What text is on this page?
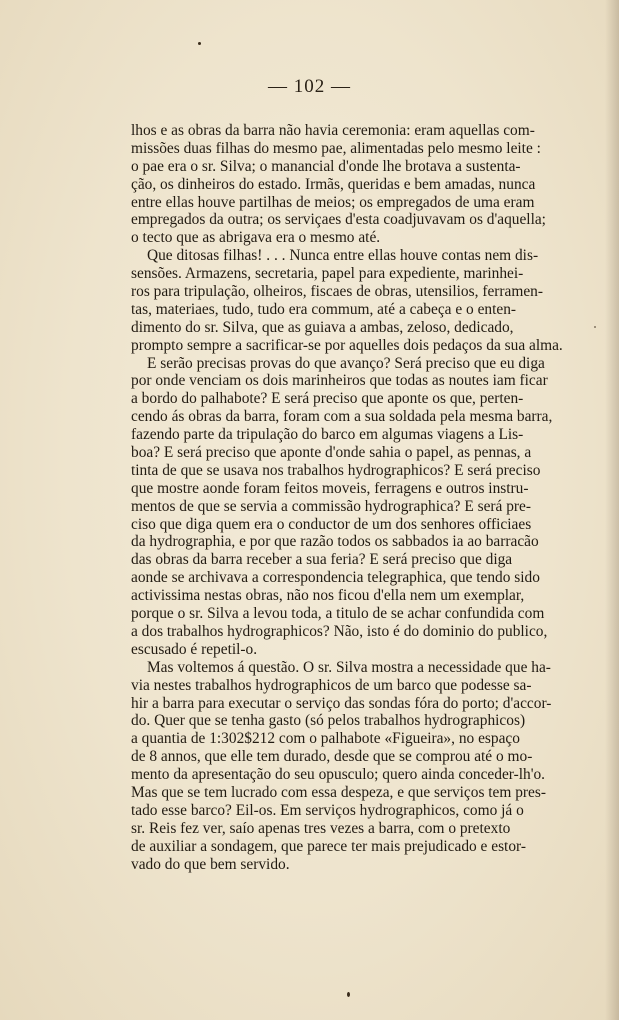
— 102 —
lhos e as obras da barra não havia ceremonia: eram aquellas com-
missões duas filhas do mesmo pae, alimentadas pelo mesmo leite :
o pae era o sr. Silva; o manancial d'onde lhe brotava a sustenta-
ção, os dinheiros do estado. Irmãs, queridas e bem amadas, nunca
entre ellas houve partilhas de meios; os empregados de uma eram
empregados da outra; os serviçaes d'esta coadjuvavam os d'aquella;
o tecto que as abrigava era o mesmo até.
Que ditosas filhas! . . . Nunca entre ellas houve contas nem dis-
sensões. Armazens, secretaria, papel para expediente, marinhei-
ros para tripulação, olheiros, fiscaes de obras, utensilios, ferramen-
tas, materiaes, tudo, tudo era commum, até a cabeça e o enten-
dimento do sr. Silva, que as guiava a ambas, zeloso, dedicado,
prompto sempre a sacrificar-se por aquelles dois pedaços da sua alma.
E serão precisas provas do que avanço? Será preciso que eu diga
por onde venciam os dois marinheiros que todas as noutes iam ficar
a bordo do palhabote? E será preciso que aponte os que, perten-
cendo ás obras da barra, foram com a sua soldada pela mesma barra,
fazendo parte da tripulação do barco em algumas viagens a Lis-
boa? E será preciso que aponte d'onde sahia o papel, as pennas, a
tinta de que se usava nos trabalhos hydrographicos? E será preciso
que mostre aonde foram feitos moveis, ferragens e outros instru-
mentos de que se servia a commissão hydrographica? E será pre-
ciso que diga quem era o conductor de um dos senhores officiaes
da hydrographia, e por que razão todos os sabbados ia ao barracão
das obras da barra receber a sua feria? E será preciso que diga
aonde se archivava a correspondencia telegraphica, que tendo sido
activissima nestas obras, não nos ficou d'ella nem um exemplar,
porque o sr. Silva a levou toda, a titulo de se achar confundida com
a dos trabalhos hydrographicos? Não, isto é do dominio do publico,
escusado é repetil-o.
Mas voltemos á questão. O sr. Silva mostra a necessidade que ha-
via nestes trabalhos hydrographicos de um barco que podesse sa-
hir a barra para executar o serviço das sondas fóra do porto; d'accor-
do. Quer que se tenha gasto (só pelos trabalhos hydrographicos)
a quantia de 1:302$212 com o palhabote «Figueira», no espaço
de 8 annos, que elle tem durado, desde que se comprou até o mo-
mento da apresentação do seu opusculo; quero ainda conceder-lh'o.
Mas que se tem lucrado com essa despeza, e que serviços tem pres-
tado esse barco? Eil-os. Em serviços hydrographicos, como já o
sr. Reis fez ver, saío apenas tres vezes a barra, com o pretexto
de auxiliar a sondagem, que parece ter mais prejudicado e estor-
vado do que bem servido.
